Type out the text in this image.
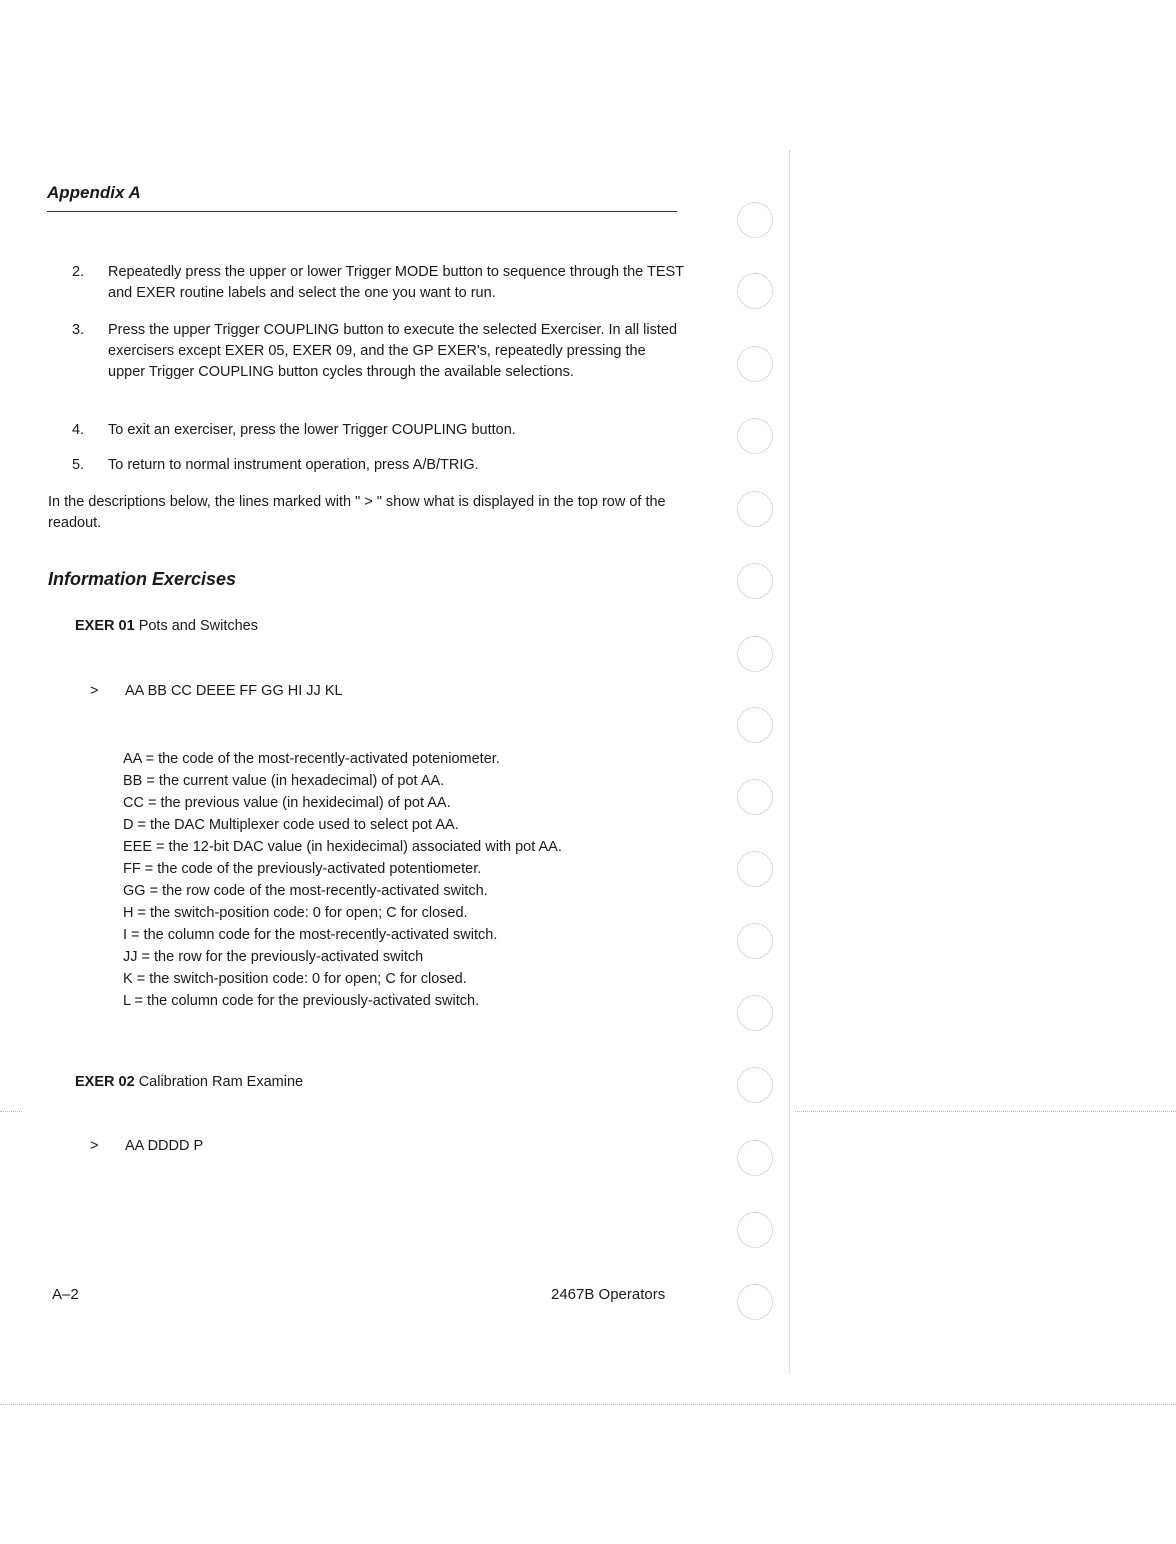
Appendix A
2.	Repeatedly press the upper or lower Trigger MODE button to sequence through the TEST and EXER routine labels and select the one you want to run.
3.	Press the upper Trigger COUPLING button to execute the selected Exerciser. In all listed exercisers except EXER 05, EXER 09, and the GP EXER's, repeatedly pressing the upper Trigger COUPLING button cycles through the available selections.
4.	To exit an exerciser, press the lower Trigger COUPLING button.
5.	To return to normal instrument operation, press A/B/TRIG.
In the descriptions below, the lines marked with " > " show what is displayed in the top row of the readout.
Information Exercises
EXER 01 Pots and Switches
> AA BB CC DEEE FF GG HI JJ KL
AA = the code of the most-recently-activated poteniometer.
BB = the current value (in hexadecimal) of pot AA.
CC = the previous value (in hexidecimal) of pot AA.
D = the DAC Multiplexer code used to select pot AA.
EEE = the 12-bit DAC value (in hexidecimal) associated with pot AA.
FF = the code of the previously-activated potentiometer.
GG = the row code of the most-recently-activated switch.
H = the switch-position code: 0 for open; C for closed.
I = the column code for the most-recently-activated switch.
JJ = the row for the previously-activated switch
K = the switch-position code: 0 for open; C for closed.
L = the column code for the previously-activated switch.
EXER 02 Calibration Ram Examine
> AA DDDD P
A–2	2467B Operators
